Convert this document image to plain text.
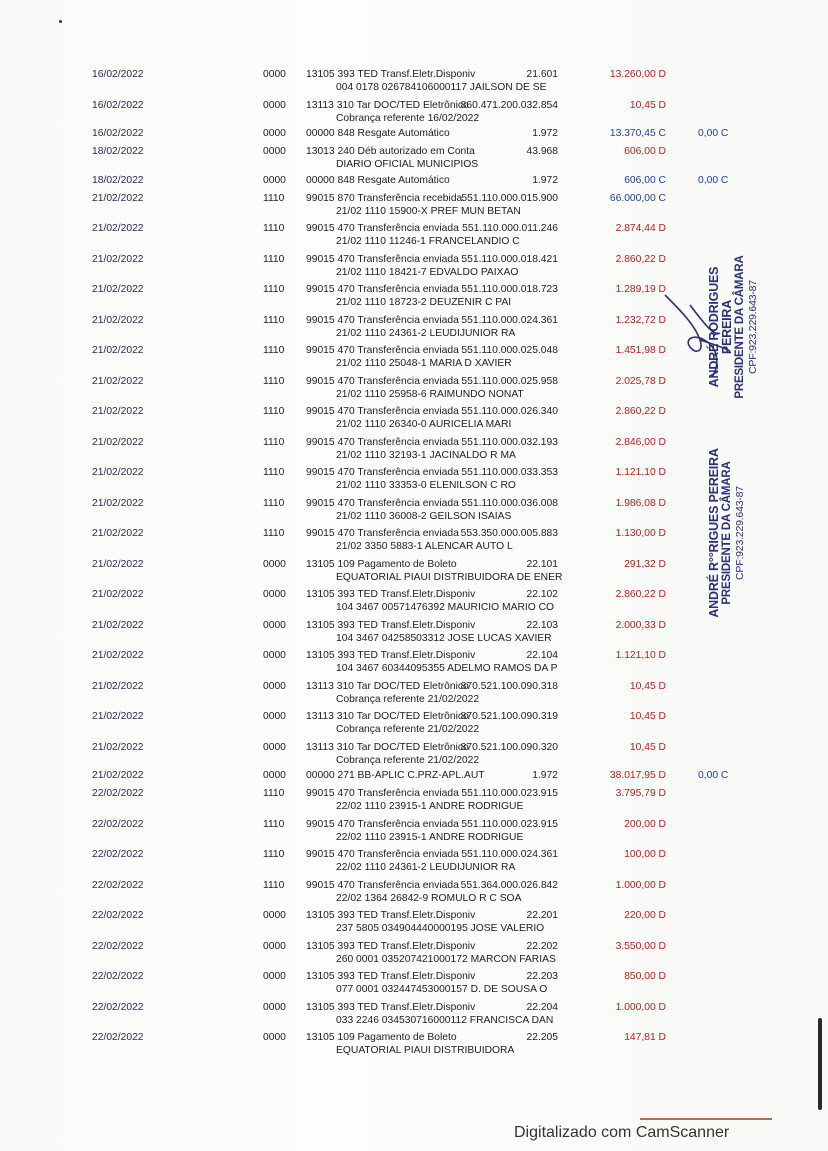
16/02/2022	0000 13105 393 TED Transf.Eletr.Disponiv	21.601	13.260,00 D
004 0178 026784106000117 JAILSON DE SE
16/02/2022	0000 13113 310 Tar DOC/TED Eletrônico
860.471.200.032.854	10,45 D
Cobrança referente 16/02/2022
16/02/2022	0000 00000 848 Resgate Automático	1.972	13.370,45 C	0,00 C
18/02/2022	0000 13013 240 Déb autorizado em Conta	43.968	606,00 D
DIARIO OFICIAL MUNICIPIOS
18/02/2022	0000 00000 848 Resgate Automático	1.972	606,00 C	0,00 C
21/02/2022	1110 99015 870 Transferência recebida 551.110.000.015.900	66.000,00 C
21/02 1110 15900-X PREF MUN BETAN
21/02/2022	1110 99015 470 Transferência enviada 551.110.000.011.246	2.874,44 D
21/02 1110 11246-1 FRANCELANDIO C
21/02/2022	1110 99015 470 Transferência enviada 551.110.000.018.421	2.860,22 D
21/02 1110 18421-7 EDVALDO PAIXAO
21/02/2022	1110 99015 470 Transferência enviada 551.110.000.018.723	1.289,19 D
21/02 1110 18723-2 DEUZENIR C PAI
21/02/2022	1110 99015 470 Transferência enviada 551.110.000.024.361	1.232,72 D
21/02 1110 24361-2 LEUDIJUNIOR RA
21/02/2022	1110 99015 470 Transferência enviada 551.110.000.025.048	1.451,98 D
21/02 1110 25048-1 MARIA D XAVIER
21/02/2022	1110 99015 470 Transferência enviada 551.110.000.025.958	2.025,78 D
21/02 1110 25958-6 RAIMUNDO NONAT
21/02/2022	1110 99015 470 Transferência enviada 551.110.000.026.340	2.860,22 D
21/02 1110 26340-0 AURICELIA MARI
21/02/2022	1110 99015 470 Transferência enviada 551.110.000.032.193	2.846,00 D
21/02 1110 32193-1 JACINALDO R MA
21/02/2022	1110 99015 470 Transferência enviada 551.110.000.033.353	1.121,10 D
21/02 1110 33353-0 ELENILSON C RO
21/02/2022	1110 99015 470 Transferência enviada 551.110.000.036.008	1.986,08 D
21/02 1110 36008-2 GEILSON ISAIAS
21/02/2022	1110 99015 470 Transferência enviada 553.350.000.005.883	1.130,00 D
21/02 3350 5883-1 ALENCAR AUTO L
21/02/2022	0000 13105 109 Pagamento de Boleto	22.101	291,32 D
EQUATORIAL PIAUI DISTRIBUIDORA DE ENER
21/02/2022	0000 13105 393 TED Transf.Eletr.Disponiv	22.102	2.860,22 D
104 3467 00571476392 MAURICIO MARIO CO
21/02/2022	0000 13105 393 TED Transf.Eletr.Disponiv	22.103	2.000,33 D
104 3467 04258503312 JOSE LUCAS XAVIER
21/02/2022	0000 13105 393 TED Transf.Eletr.Disponiv	22.104	1.121,10 D
104 3467 60344095355 ADELMO RAMOS DA P
21/02/2022	0000 13113 310 Tar DOC/TED Eletrônico
870.521.100.090.318	10,45 D
Cobrança referente 21/02/2022
21/02/2022	0000 13113 310 Tar DOC/TED Eletrônico
870.521.100.090.319	10,45 D
Cobrança referente 21/02/2022
21/02/2022	0000 13113 310 Tar DOC/TED Eletrônico
870.521.100.090.320	10,45 D
Cobrança referente 21/02/2022
21/02/2022	0000 00000 271 BB-APLIC C.PRZ-APL.AUT	1.972	38.017,95 D	0,00 C
22/02/2022	1110 99015 470 Transferência enviada 551.110.000.023.915	3.795,79 D
22/02 1110 23915-1 ANDRE RODRIGUE
22/02/2022	1110 99015 470 Transferência enviada 551.110.000.023.915	200,00 D
22/02 1110 23915-1 ANDRE RODRIGUE
22/02/2022	1110 99015 470 Transferência enviada 551.110.000.024.361	100,00 D
22/02 1110 24361-2 LEUDIJUNIOR RA
22/02/2022	1110 99015 470 Transferência enviada 551.364.000.026.842	1.000,00 D
22/02 1364 26842-9 ROMULO R C SOA
22/02/2022	0000 13105 393 TED Transf.Eletr.Disponiv	22.201	220,00 D
237 5805 034904440000195 JOSE VALERIO
22/02/2022	0000 13105 393 TED Transf.Eletr.Disponiv	22.202	3.550,00 D
260 0001 035207421000172 MARCON FARIAS
22/02/2022	0000 13105 393 TED Transf.Eletr.Disponiv	22.203	850,00 D
077 0001 032447453000157 D. DE SOUSA O
22/02/2022	0000 13105 393 TED Transf.Eletr.Disponiv	22.204	1.000,00 D
033 2246 034530716000112 FRANCISCA DAN
22/02/2022	0000 13105 109 Pagamento de Boleto	22.205	147,81 D
EQUATORIAL PIAUI DISTRIBUIDORA
ANDRÉ RODRIGUES PEREIRA PRESIDENTE DA CÂMARA CPF:923.229.643-87
ANDRÉ R°°RIGUES PEREIRA PRESIDENTE DA CÂMARA CPF:923.229.643-87
Digitalizado com CamScanner
